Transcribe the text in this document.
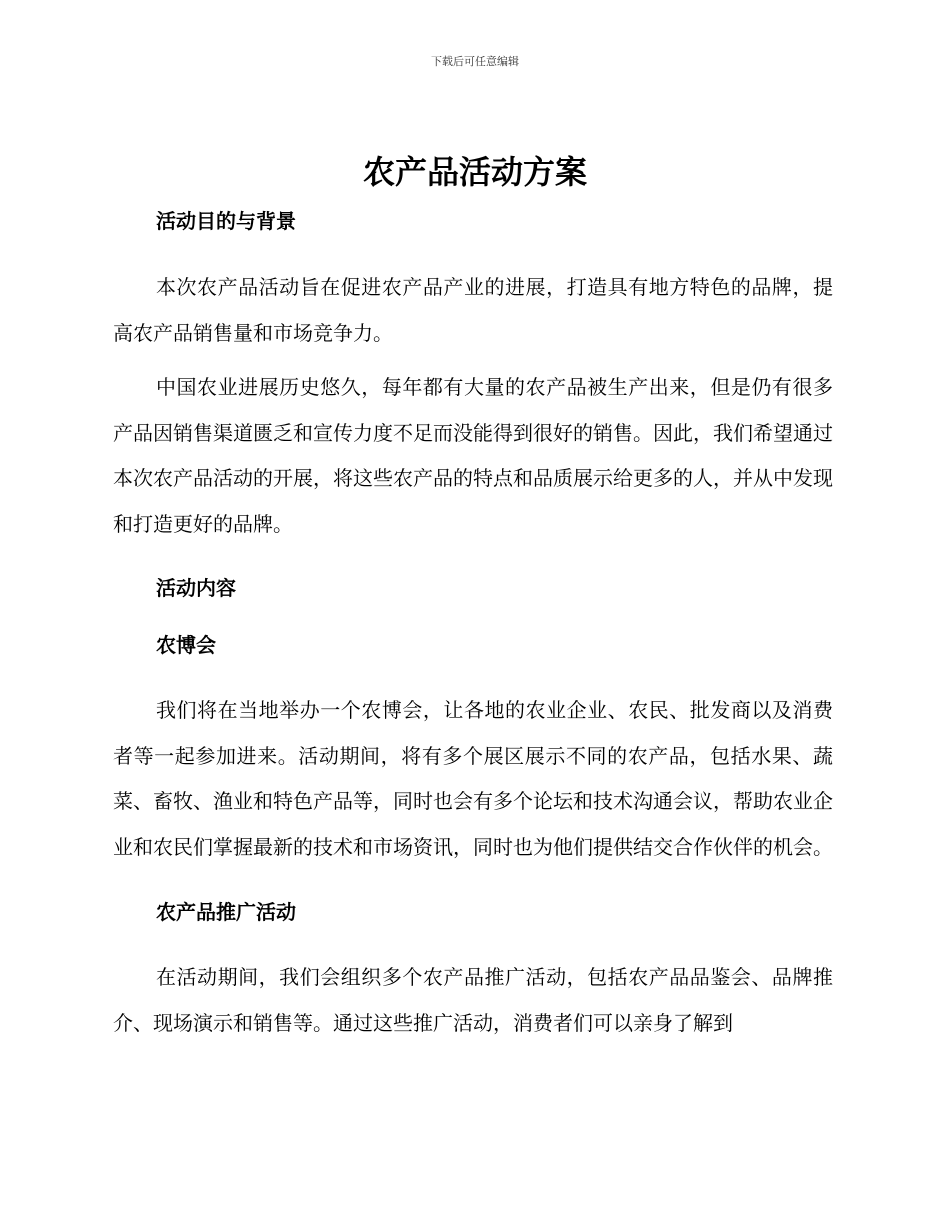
下载后可任意编辑
农产品活动方案

活动目的与背景

本次农产品活动旨在促进农产品产业的进展，打造具有地方特色的品牌，提高农产品销售量和市场竞争力。

中国农业进展历史悠久，每年都有大量的农产品被生产出来，但是仍有很多产品因销售渠道匮乏和宣传力度不足而没能得到很好的销售。因此，我们希望通过本次农产品活动的开展，将这些农产品的特点和品质展示给更多的人，并从中发现和打造更好的品牌。

活动内容

农博会

我们将在当地举办一个农博会，让各地的农业企业、农民、批发商以及消费者等一起参加进来。活动期间，将有多个展区展示不同的农产品，包括水果、蔬菜、畜牧、渔业和特色产品等，同时也会有多个论坛和技术沟通会议，帮助农业企业和农民们掌握最新的技术和市场资讯，同时也为他们提供结交合作伙伴的机会。

农产品推广活动

在活动期间，我们会组织多个农产品推广活动，包括农产品品鉴会、品牌推介、现场演示和销售等。通过这些推广活动，消费者们可以亲身了解到
